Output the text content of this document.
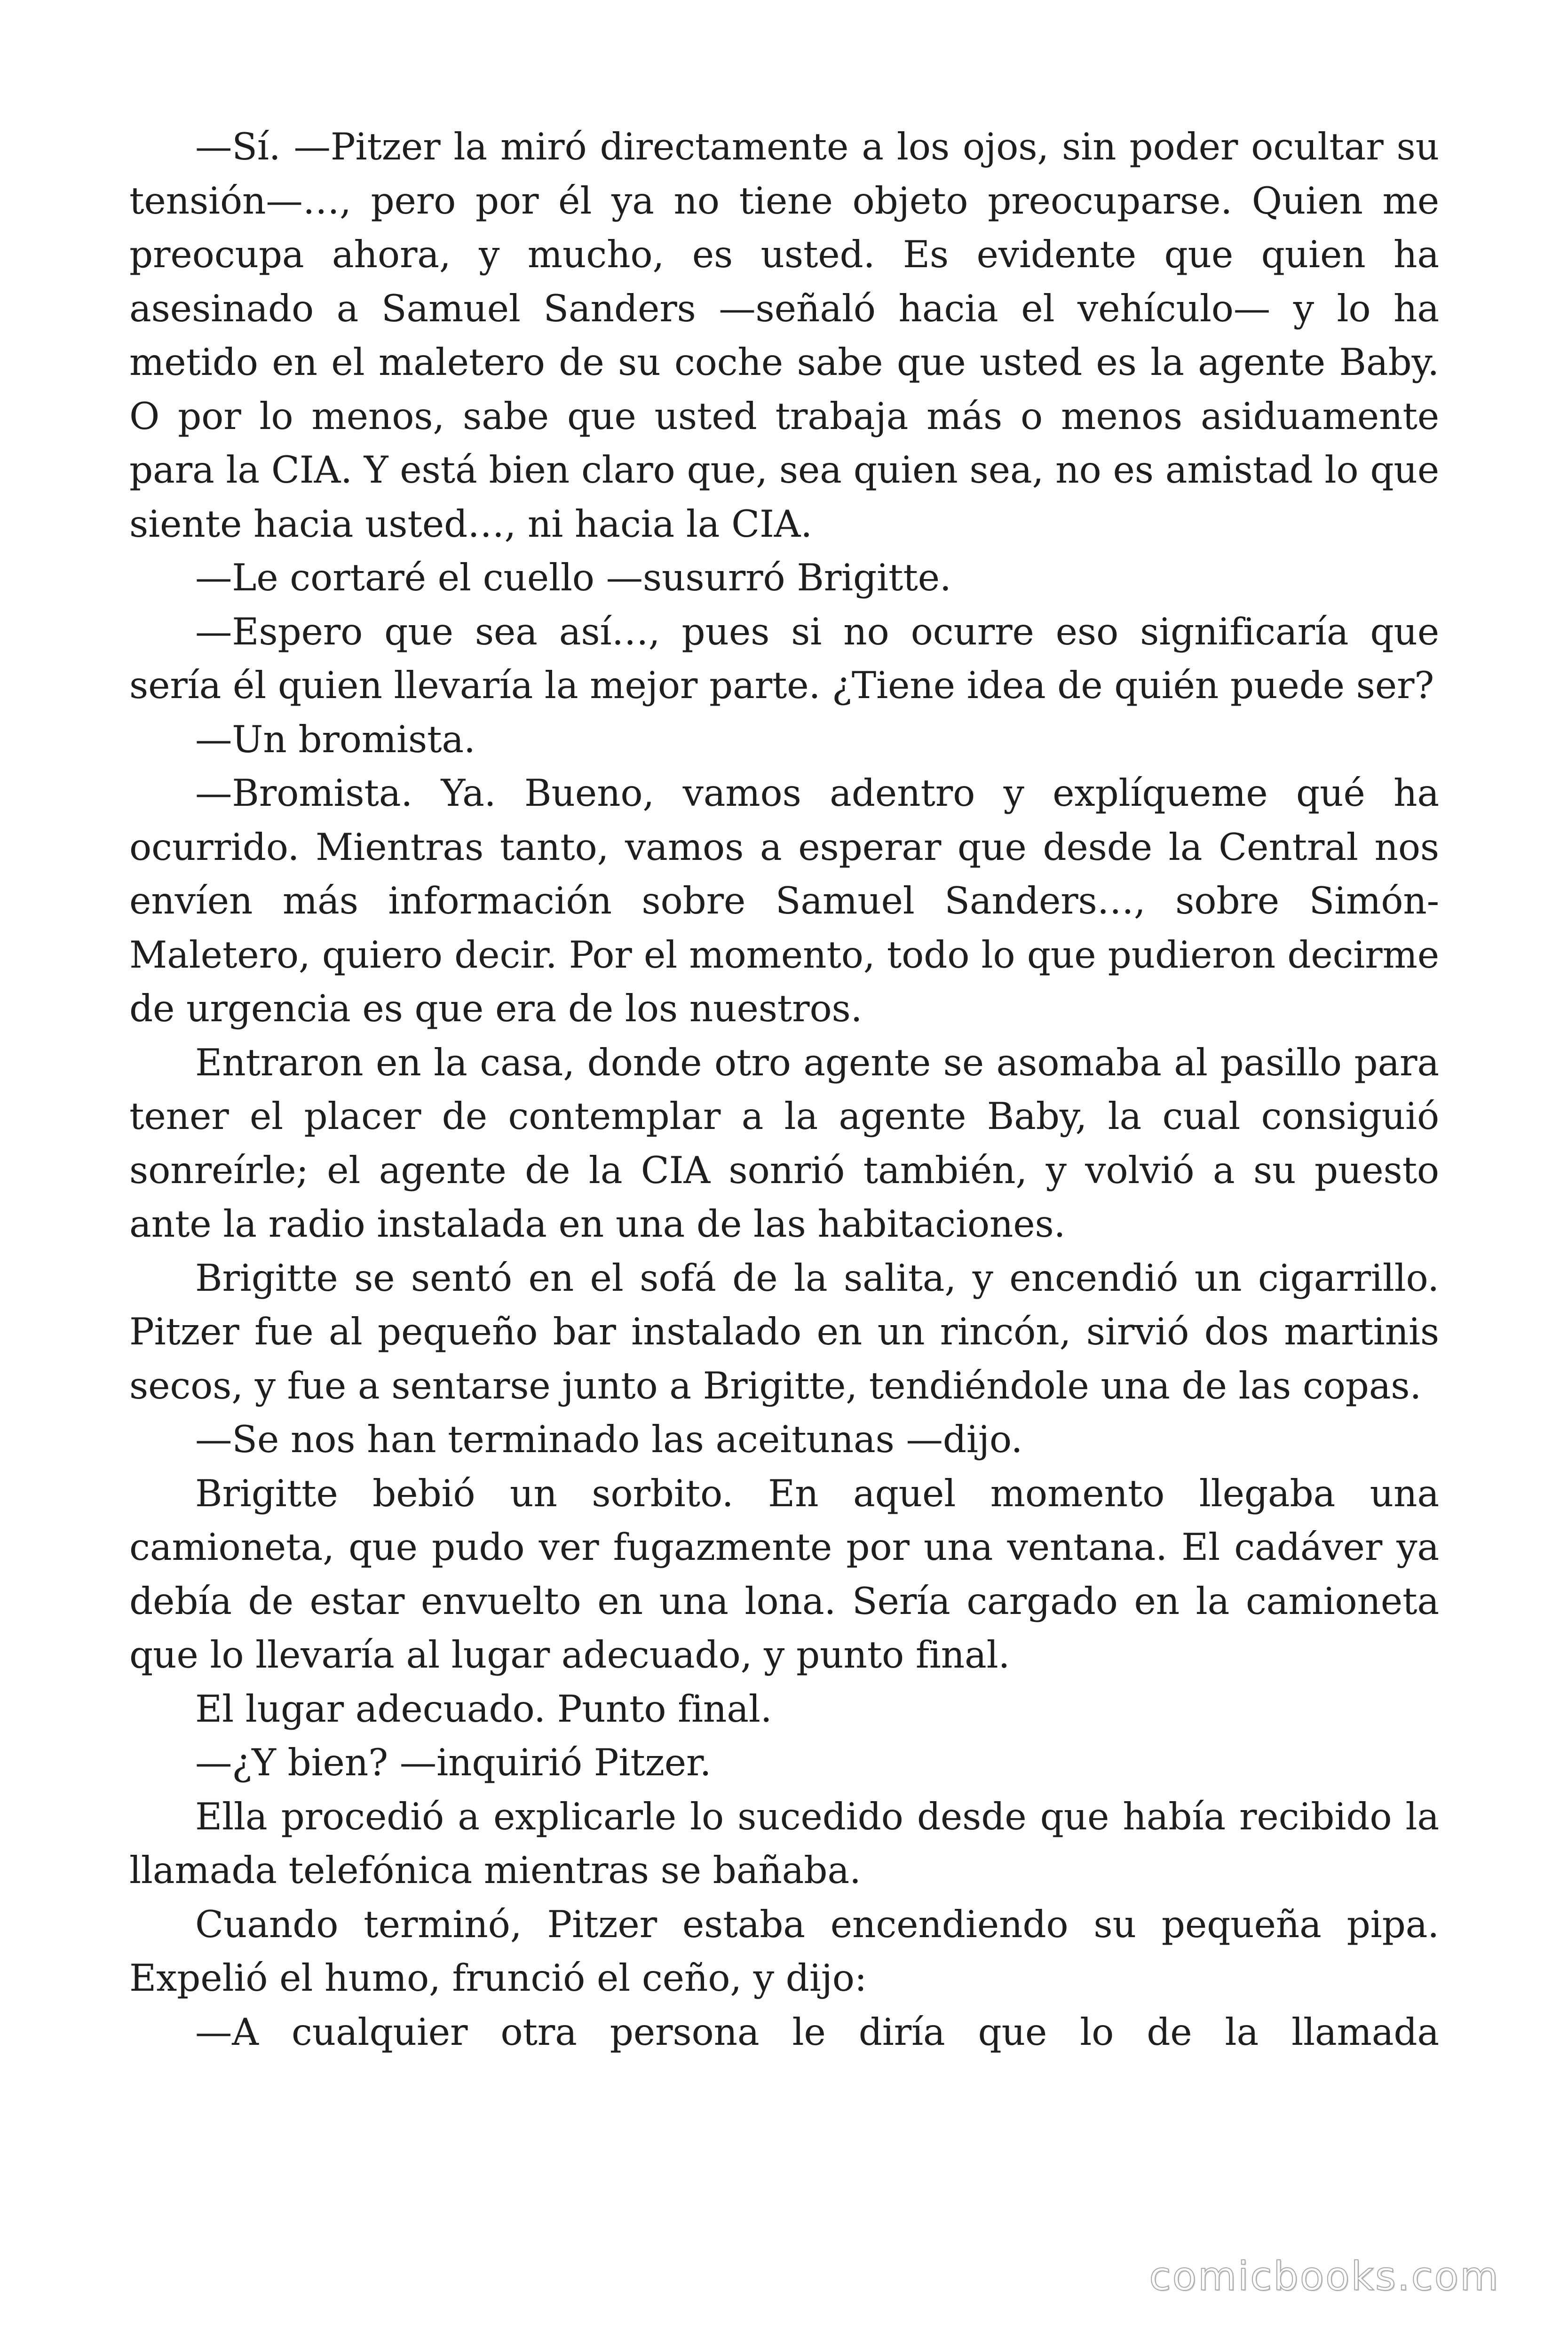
—Sí. —Pitzer la miró directamente a los ojos, sin poder ocultar su tensión—…, pero por él ya no tiene objeto preocuparse. Quien me preocupa ahora, y mucho, es usted. Es evidente que quien ha asesinado a Samuel Sanders —señaló hacia el vehículo— y lo ha metido en el maletero de su coche sabe que usted es la agente Baby. O por lo menos, sabe que usted trabaja más o menos asiduamente para la CIA. Y está bien claro que, sea quien sea, no es amistad lo que siente hacia usted…, ni hacia la CIA.

—Le cortaré el cuello —susurró Brigitte.

—Espero que sea así…, pues si no ocurre eso significaría que sería él quien llevaría la mejor parte. ¿Tiene idea de quién puede ser?

—Un bromista.

—Bromista. Ya. Bueno, vamos adentro y explíqueme qué ha ocurrido. Mientras tanto, vamos a esperar que desde la Central nos envíen más información sobre Samuel Sanders…, sobre Simón-Maletero, quiero decir. Por el momento, todo lo que pudieron decirme de urgencia es que era de los nuestros.

Entraron en la casa, donde otro agente se asomaba al pasillo para tener el placer de contemplar a la agente Baby, la cual consiguió sonreírle; el agente de la CIA sonrió también, y volvió a su puesto ante la radio instalada en una de las habitaciones.

Brigitte se sentó en el sofá de la salita, y encendió un cigarrillo. Pitzer fue al pequeño bar instalado en un rincón, sirvió dos martinis secos, y fue a sentarse junto a Brigitte, tendiéndole una de las copas.

—Se nos han terminado las aceitunas —dijo.

Brigitte bebió un sorbito. En aquel momento llegaba una camioneta, que pudo ver fugazmente por una ventana. El cadáver ya debía de estar envuelto en una lona. Sería cargado en la camioneta que lo llevaría al lugar adecuado, y punto final.

El lugar adecuado. Punto final.

—¿Y bien? —inquirió Pitzer.

Ella procedió a explicarle lo sucedido desde que había recibido la llamada telefónica mientras se bañaba.

Cuando terminó, Pitzer estaba encendiendo su pequeña pipa. Expelió el humo, frunció el ceño, y dijo:

—A cualquier otra persona le diría que lo de la llamada

comicbooks.com
